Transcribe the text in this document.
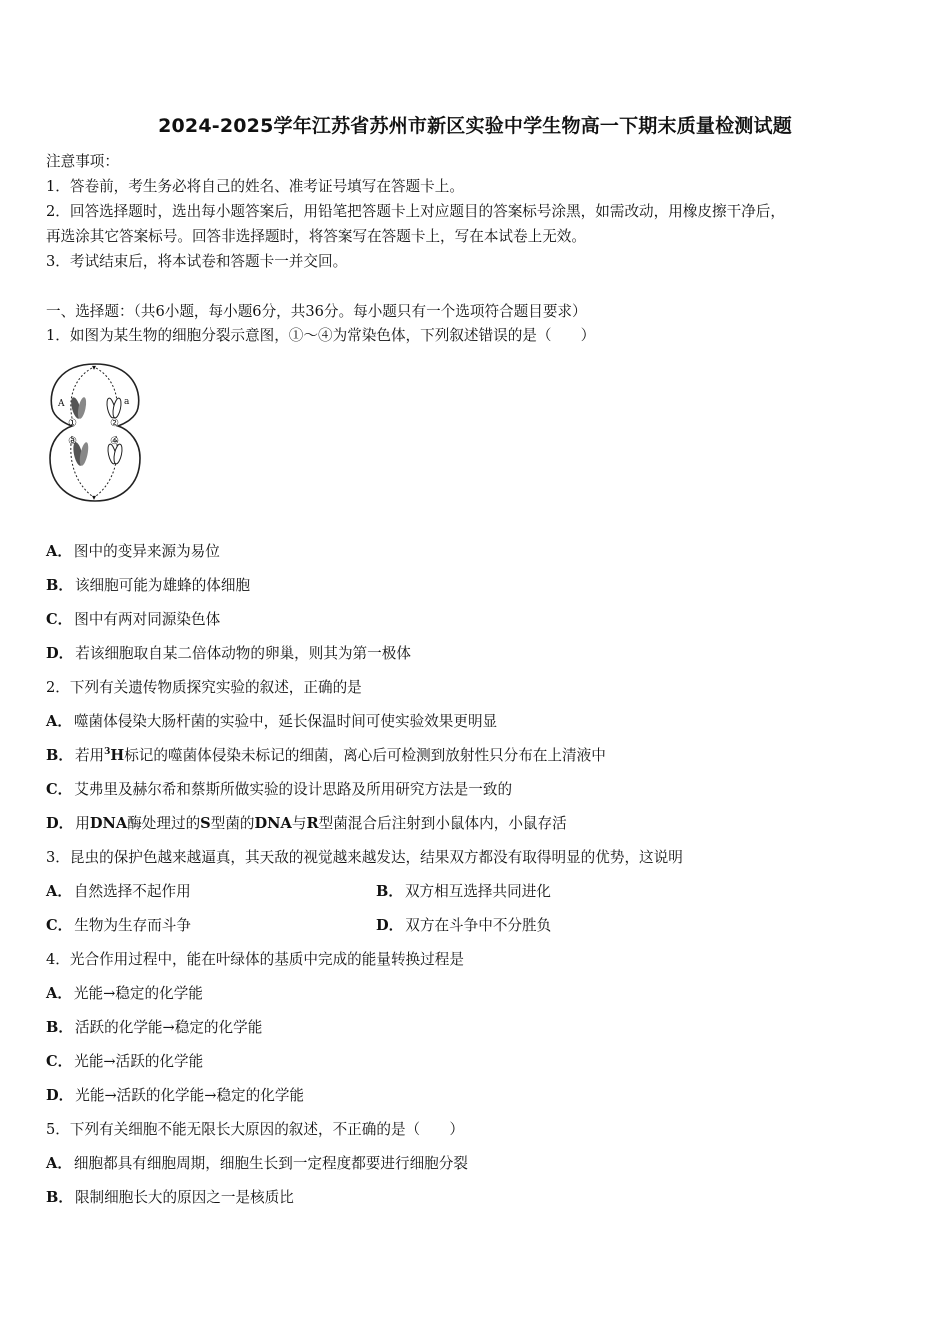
2024-2025学年江苏省苏州市新区实验中学生物高一下期末质量检测试题
注意事项：
1．答卷前，考生务必将自己的姓名、准考证号填写在答题卡上。
2．回答选择题时，选出每小题答案后，用铅笔把答题卡上对应题目的答案标号涂黑，如需改动，用橡皮擦干净后，
再选涂其它答案标号。回答非选择题时，将答案写在答题卡上，写在本试卷上无效。
3．考试结束后，将本试卷和答题卡一并交回。
一、选择题：（共6小题，每小题6分，共36分。每小题只有一个选项符合题目要求）
1．如图为某生物的细胞分裂示意图，①～④为常染色体，下列叙述错误的是（　　）
▾
▾
A	a
①	②
③	④
A． 图中的变异来源为易位
B． 该细胞可能为雄蜂的体细胞
C． 图中有两对同源染色体
D． 若该细胞取自某二倍体动物的卵巢，则其为第一极体
2．下列有关遗传物质探究实验的叙述，正确的是
A． 噬菌体侵染大肠杆菌的实验中，延长保温时间可使实验效果更明显
B． 若用$^3$H标记的噬菌体侵染未标记的细菌，离心后可检测到放射性只分布在上清液中
C． 艾弗里及赫尔希和蔡斯所做实验的设计思路及所用研究方法是一致的
D． 用DNA酶处理过的S型菌的DNA与R型菌混合后注射到小鼠体内，小鼠存活
3．昆虫的保护色越来越逼真，其天敌的视觉越来越发达，结果双方都没有取得明显的优势，这说明
A． 自然选择不起作用	B． 双方相互选择共同进化
C． 生物为生存而斗争	D． 双方在斗争中不分胜负
4．光合作用过程中，能在叶绿体的基质中完成的能量转换过程是
A． 光能→稳定的化学能
B． 活跃的化学能→稳定的化学能
C． 光能→活跃的化学能
D． 光能→活跃的化学能→稳定的化学能
5．下列有关细胞不能无限长大原因的叙述，不正确的是（　　）
A． 细胞都具有细胞周期，细胞生长到一定程度都要进行细胞分裂
B． 限制细胞长大的原因之一是核质比
